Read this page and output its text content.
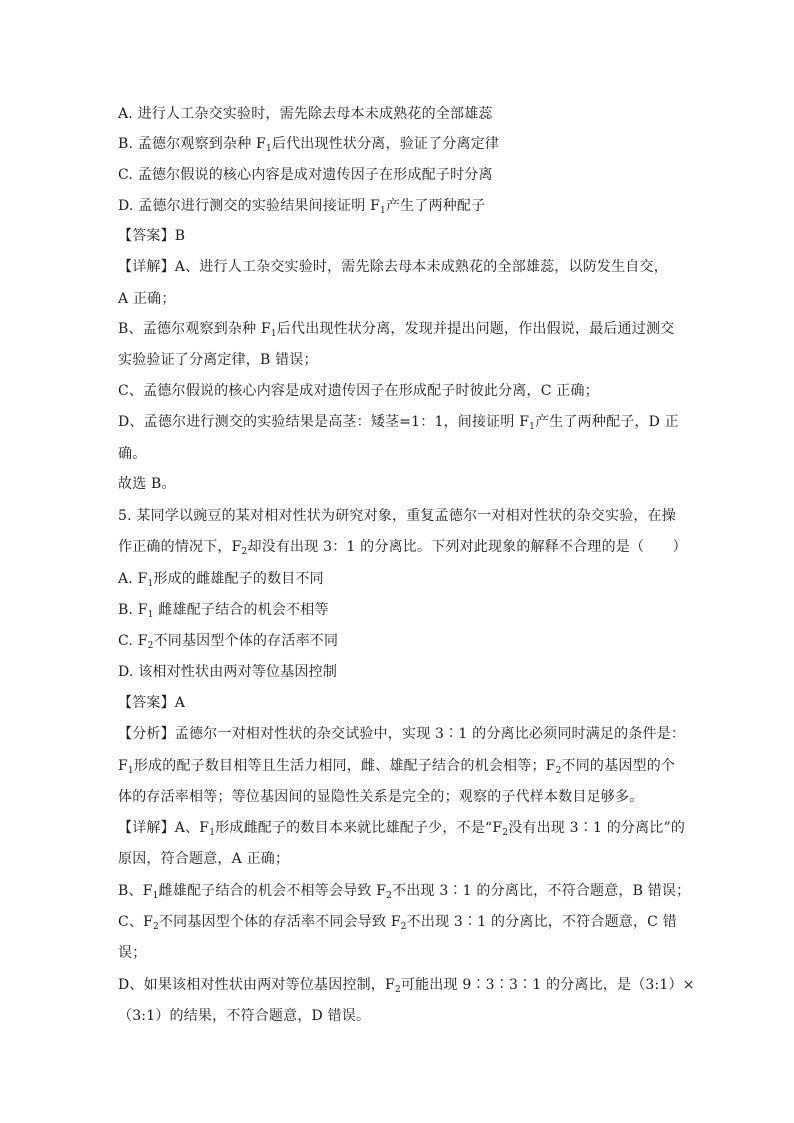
A. 进行人工杂交实验时，需先除去母本未成熟花的全部雄蕊
B. 孟德尔观察到杂种 $F_1$后代出现性状分离，验证了分离定律
C. 孟德尔假说的核心内容是成对遗传因子在形成配子时分离
D. 孟德尔进行测交的实验结果间接证明 $F_1$产生了两种配子
【答案】B
【详解】A、进行人工杂交实验时，需先除去母本未成熟花的全部雄蕊，以防发生自交，
A 正确；
B、孟德尔观察到杂种 $F_1$后代出现性状分离，发现并提出问题，作出假说，最后通过测交
实验验证了分离定律，B 错误；
C、孟德尔假说的核心内容是成对遗传因子在形成配子时彼此分离，C 正确；
D、孟德尔进行测交的实验结果是高茎：矮茎=1：1，间接证明 $F_1$产生了两种配子，D 正
确。
故选 B。
5. 某同学以豌豆的某对相对性状为研究对象，重复孟德尔一对相对性状的杂交实验，在操
作正确的情况下，$F_2$却没有出现 3：1 的分离比。下列对此现象的解释不合理的是（　　）
A. $F_1$形成的雌雄配子的数目不同
B. $F_1$ 雌雄配子结合的机会不相等
C. $F_2$不同基因型个体的存活率不同
D. 该相对性状由两对等位基因控制
【答案】A
【分析】孟德尔一对相对性状的杂交试验中，实现 3∶1 的分离比必须同时满足的条件是：
$F_1$形成的配子数目相等且生活力相同，雌、雄配子结合的机会相等；$F_2$不同的基因型的个
体的存活率相等；等位基因间的显隐性关系是完全的；观察的子代样本数目足够多。
【详解】A、$F_1$形成雌配子的数目本来就比雄配子少，不是“$F_2$没有出现 3∶1 的分离比”的
原因，符合题意，A 正确；
B、$F_1$雌雄配子结合的机会不相等会导致 $F_2$不出现 3∶1 的分离比，不符合题意，B 错误；
C、$F_2$不同基因型个体的存活率不同会导致 $F_2$不出现 3∶1 的分离比，不符合题意，C 错
误；
D、如果该相对性状由两对等位基因控制，$F_2$可能出现 9∶3∶3∶1 的分离比，是（3:1）×
（3:1）的结果，不符合题意，D 错误。
